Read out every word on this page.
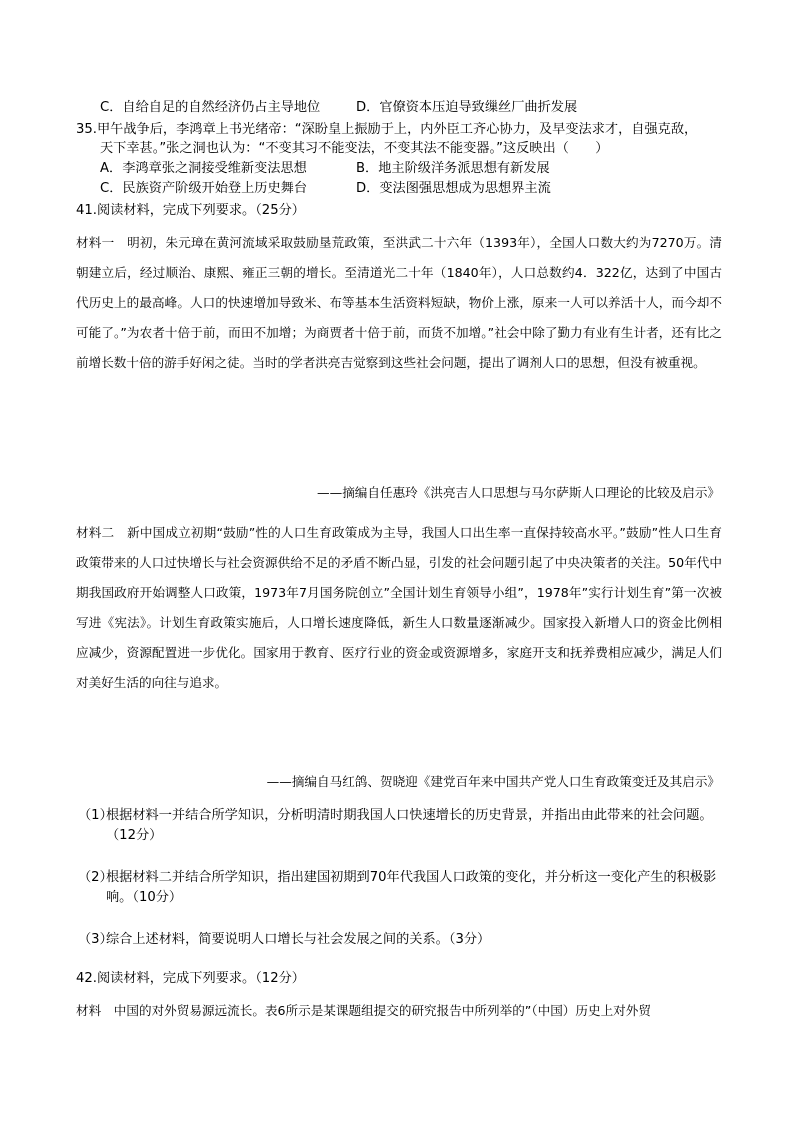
C．自给自足的自然经济仍占主导地位	D．官僚资本压迫导致缫丝厂曲折发展
35.甲午战争后，李鸿章上书光绪帝：“深盼皇上振励于上，内外臣工齐心协力，及早变法求才，自强克敌，
天下幸甚。”张之洞也认为：“不变其习不能变法，不变其法不能变器。”这反映出（　　）
A．李鸿章张之洞接受维新变法思想	B．地主阶级洋务派思想有新发展
C．民族资产阶级开始登上历史舞台	D．变法图强思想成为思想界主流
41.阅读材料，完成下列要求。（25分）
材料一　明初，朱元璋在黄河流域采取鼓励垦荒政策，至洪武二十六年（1393年），全国人口数大约为7270万。清朝建立后，经过顺治、康熙、雍正三朝的增长。至清道光二十年（1840年），人口总数约4．322亿，达到了中国古代历史上的最高峰。人口的快速增加导致米、布等基本生活资料短缺，物价上涨，原来一人可以养活十人，而今却不可能了。”为农者十倍于前，而田不加增；为商贾者十倍于前，而货不加增。”社会中除了勤力有业有生计者，还有比之前增长数十倍的游手好闲之徒。当时的学者洪亮吉觉察到这些社会问题，提出了调剂人口的思想，但没有被重视。
——摘编自任惠玲《洪亮吉人口思想与马尔萨斯人口理论的比较及启示》
材料二　新中国成立初期“鼓励”性的人口生育政策成为主导，我国人口出生率一直保持较高水平。”鼓励”性人口生育政策带来的人口过快增长与社会资源供给不足的矛盾不断凸显，引发的社会问题引起了中央决策者的关注。50年代中期我国政府开始调整人口政策，1973年7月国务院创立”全国计划生育领导小组”，1978年”实行计划生育”第一次被写进《宪法》。计划生育政策实施后，人口增长速度降低，新生人口数量逐渐减少。国家投入新增人口的资金比例相应减少，资源配置进一步优化。国家用于教育、医疗行业的资金或资源增多，家庭开支和抚养费相应减少，满足人们对美好生活的向往与追求。
——摘编自马红鸽、贺晓迎《建党百年来中国共产党人口生育政策变迁及其启示》
（1）
根据材料一并结合所学知识，分析明清时期我国人口快速增长的历史背景，并指出由此带来的社会问题。（12分）
（2）
根据材料二并结合所学知识，指出建国初期到70年代我国人口政策的变化，并分析这一变化产生的积极影响。（10分）
（3）
综合上述材料，简要说明人口增长与社会发展之间的关系。（3分）
42.阅读材料，完成下列要求。（12分）
材料　中国的对外贸易源远流长。表6所示是某课题组提交的研究报告中所列举的”（中国）历史上对外贸
